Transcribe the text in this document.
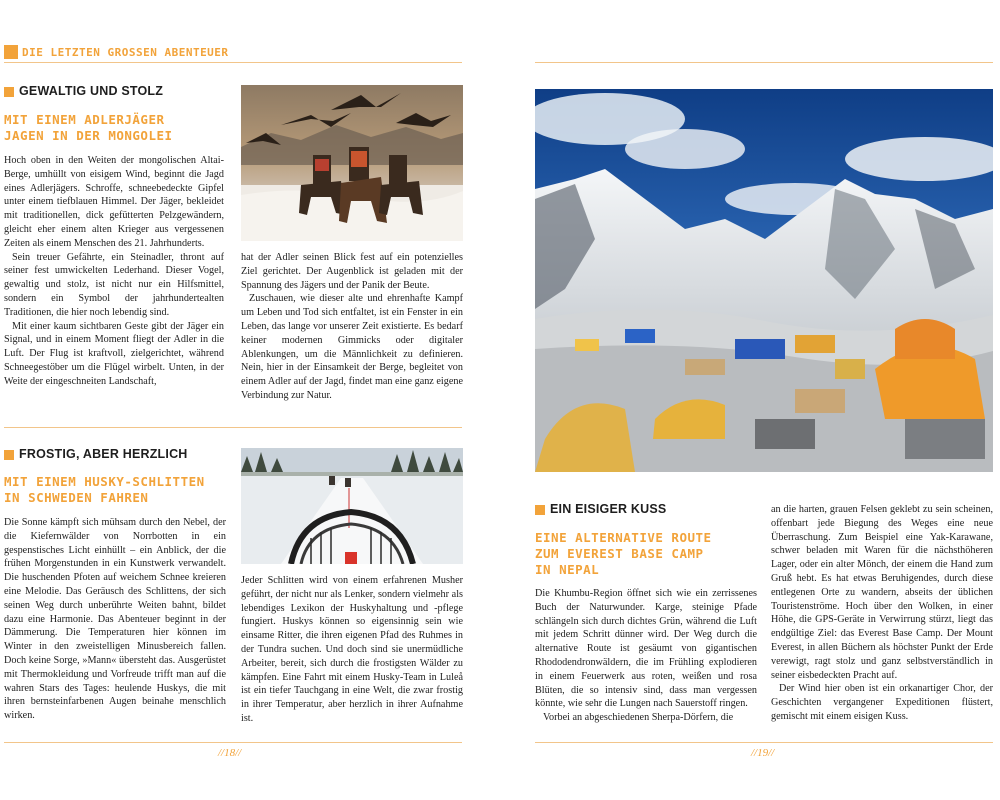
DIE LETZTEN GROSSEN ABENTEUER
GEWALTIG UND STOLZ
MIT EINEM ADLERJÄGER
JAGEN IN DER MONGOLEI

Hoch oben in den Weiten der mongolischen Altai-Berge, umhüllt von eisigem Wind, beginnt die Jagd eines Adlerjägers. Schroffe, schneebedeckte Gipfel unter einem tiefblauen Himmel. Der Jäger, bekleidet mit traditionellen, dick gefütterten Pelzgewändern, gleicht eher einem alten Krieger aus vergessenen Zeiten als einem Menschen des 21. Jahrhunderts.

Sein treuer Gefährte, ein Steinadler, thront auf seiner fest umwickelten Lederhand. Dieser Vogel, gewaltig und stolz, ist nicht nur ein Hilfsmittel, sondern ein Symbol der jahrhundertealten Traditionen, die hier noch lebendig sind.

Mit einer kaum sichtbaren Geste gibt der Jäger ein Signal, und in einem Moment fliegt der Adler in die Luft. Der Flug ist kraftvoll, zielgerichtet, während Schneegestöber um die Flügel wirbelt. Unten, in der Weite der eingeschneiten Landschaft,

hat der Adler seinen Blick fest auf ein potenzielles Ziel gerichtet. Der Augenblick ist geladen mit der Spannung des Jägers und der Panik der Beute.

Zuschauen, wie dieser alte und ehrenhafte Kampf um Leben und Tod sich entfaltet, ist ein Fenster in ein Leben, das lange vor unserer Zeit existierte. Es bedarf keiner modernen Gimmicks oder digitaler Ablenkungen, um die Männlichkeit zu definieren. Nein, hier in der Einsamkeit der Berge, begleitet von einem Adler auf der Jagd, findet man eine ganz eigene Verbindung zur Natur.

FROSTIG, ABER HERZLICH
MIT EINEM HUSKY-SCHLITTEN
IN SCHWEDEN FAHREN

Die Sonne kämpft sich mühsam durch den Nebel, der die Kiefernwälder von Norrbotten in ein gespenstisches Licht einhüllt – ein Anblick, der die frühen Morgenstunden in ein Kunstwerk verwandelt. Die huschenden Pfoten auf weichem Schnee kreieren eine Melodie. Das Geräusch des Schlittens, der sich seinen Weg durch unberührte Weiten bahnt, bildet dazu eine Harmonie. Das Abenteuer beginnt in der Dämmerung. Die Temperaturen hier können im Winter in den zweistelligen Minusbereich fallen. Doch keine Sorge, »Mann« übersteht das. Ausgerüstet mit Thermokleidung und Vorfreude trifft man auf die wahren Stars des Tages: heulende Huskys, die mit ihren bernsteinfarbenen Augen beinahe menschlich wirken.

Jeder Schlitten wird von einem erfahrenen Musher geführt, der nicht nur als Lenker, sondern vielmehr als lebendiges Lexikon der Huskyhaltung und -pflege fungiert. Huskys können so eigensinnig sein wie einsame Ritter, die ihren eigenen Pfad des Ruhmes in der Tundra suchen. Und doch sind sie unermüdliche Arbeiter, bereit, sich durch die frostigsten Wälder zu kämpfen. Eine Fahrt mit einem Husky-Team in Luleå ist ein tiefer Tauchgang in eine Welt, die zwar frostig in ihrer Temperatur, aber herzlich in ihrer Aufnahme ist.

//18//
EIN EISIGER KUSS
EINE ALTERNATIVE ROUTE
ZUM EVEREST BASE CAMP
IN NEPAL

Die Khumbu-Region öffnet sich wie ein zerrissenes Buch der Naturwunder. Karge, steinige Pfade schlängeln sich durch dichtes Grün, während die Luft mit jedem Schritt dünner wird. Der Weg durch die alternative Route ist gesäumt von gigantischen Rhododendronwäldern, die im Frühling explodieren in einem Feuerwerk aus roten, weißen und rosa Blüten, die so intensiv sind, dass man vergessen könnte, wie sehr die Lungen nach Sauerstoff ringen.

Vorbei an abgeschiedenen Sherpa-Dörfern, die

an die harten, grauen Felsen geklebt zu sein scheinen, offenbart jede Biegung des Weges eine neue Überraschung. Zum Beispiel eine Yak-Karawane, schwer beladen mit Waren für die nächsthöheren Lager, oder ein alter Mönch, der einem die Hand zum Gruß hebt. Es hat etwas Beruhigendes, durch diese entlegenen Orte zu wandern, abseits der üblichen Touristenströme. Hoch über den Wolken, in einer Höhe, die GPS-Geräte in Verwirrung stürzt, liegt das endgültige Ziel: das Everest Base Camp. Der Mount Everest, in allen Büchern als höchster Punkt der Erde verewigt, ragt stolz und ganz selbstverständlich in seiner eisbedeckten Pracht auf.

Der Wind hier oben ist ein orkanartiger Chor, der Geschichten vergangener Expeditionen flüstert, gemischt mit einem eisigen Kuss.

//19//
